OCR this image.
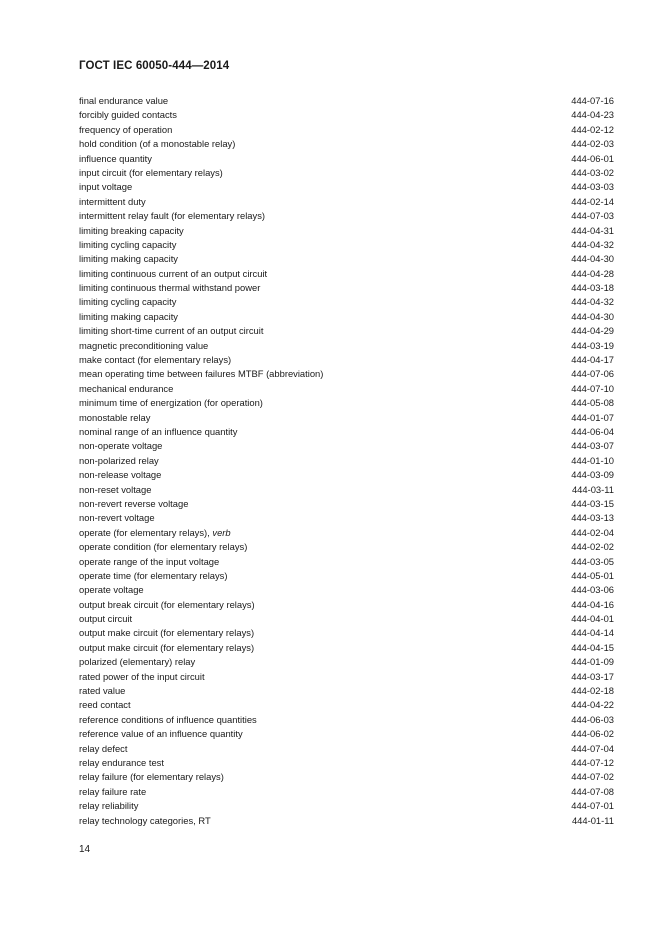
ГОСТ IEC 60050-444—2014
final endurance value	444-07-16
forcibly guided contacts	444-04-23
frequency of operation	444-02-12
hold condition (of a monostable relay)	444-02-03
influence quantity	444-06-01
input circuit (for elementary relays)	444-03-02
input voltage	444-03-03
intermittent duty	444-02-14
intermittent relay fault (for elementary relays)	444-07-03
limiting breaking capacity	444-04-31
limiting cycling capacity	444-04-32
limiting making capacity	444-04-30
limiting continuous current of an output circuit	444-04-28
limiting continuous thermal withstand power	444-03-18
limiting cycling capacity	444-04-32
limiting making capacity	444-04-30
limiting short-time current of an output circuit	444-04-29
magnetic preconditioning value	444-03-19
make contact (for elementary relays)	444-04-17
mean operating time between failures MTBF (abbreviation)	444-07-06
mechanical endurance	444-07-10
minimum time of energization (for operation)	444-05-08
monostable relay	444-01-07
nominal range of an influence quantity	444-06-04
non-operate voltage	444-03-07
non-polarized relay	444-01-10
non-release voltage	444-03-09
non-reset voltage	444-03-11
non-revert reverse voltage	444-03-15
non-revert voltage	444-03-13
operate (for elementary relays), verb	444-02-04
operate condition (for elementary relays)	444-02-02
operate range of the input voltage	444-03-05
operate time (for elementary relays)	444-05-01
operate voltage	444-03-06
output break circuit (for elementary relays)	444-04-16
output circuit	444-04-01
output make circuit (for elementary relays)	444-04-14
output make circuit (for elementary relays)	444-04-15
polarized (elementary) relay	444-01-09
rated power of the input circuit	444-03-17
rated value	444-02-18
reed contact	444-04-22
reference conditions of influence quantities	444-06-03
reference value of an influence quantity	444-06-02
relay defect	444-07-04
relay endurance test	444-07-12
relay failure (for elementary relays)	444-07-02
relay failure rate	444-07-08
relay reliability	444-07-01
relay technology categories, RT	444-01-11
14
